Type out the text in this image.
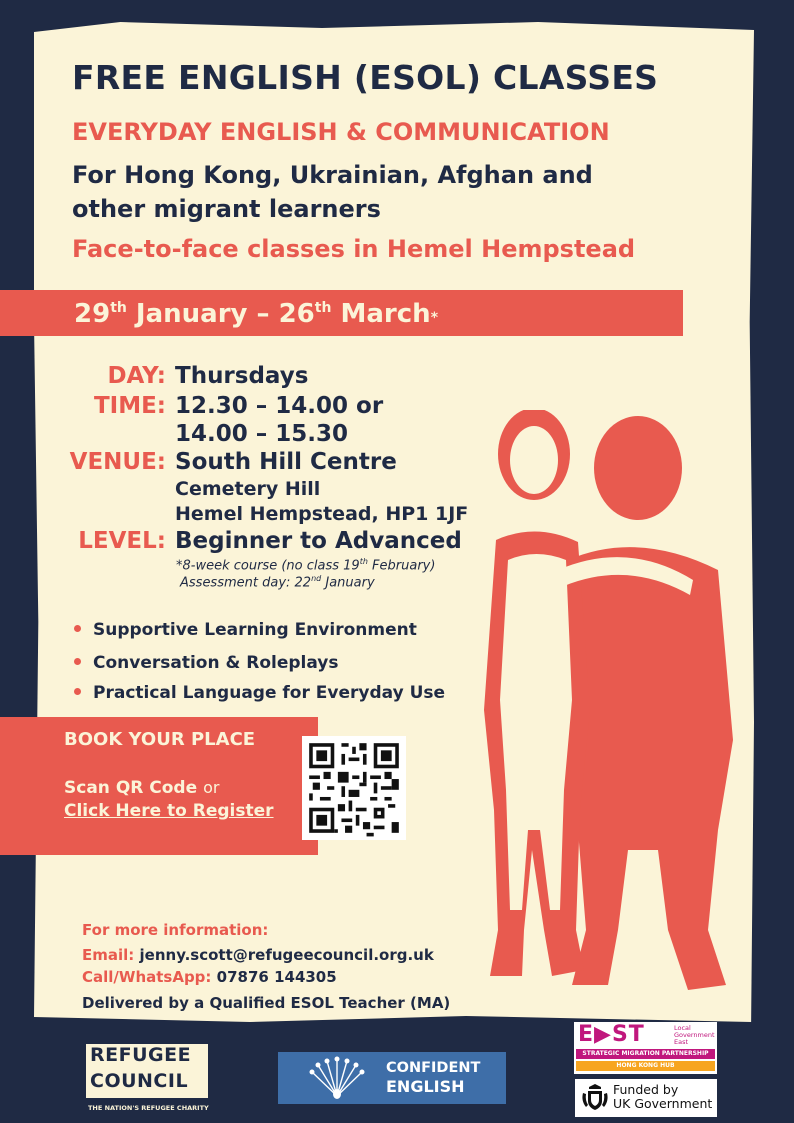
FREE ENGLISH (ESOL) CLASSES
EVERYDAY ENGLISH & COMMUNICATION
For Hong Kong, Ukrainian, Afghan and
other migrant learners
Face-to-face classes in Hemel Hempstead
29th January – 26th March*
DAY: Thursdays
TIME: 12.30 – 14.00 or
14.00 – 15.30
VENUE: South Hill Centre
Cemetery Hill
Hemel Hempstead, HP1 1JF
LEVEL: Beginner to Advanced
*8-week course (no class 19th February)
Assessment day: 22nd January
Supportive Learning Environment
Conversation & Roleplays
Practical Language for Everyday Use
BOOK YOUR PLACE
Scan QR Code or
Click Here to Register
For more information:
Email: jenny.scott@refugeecouncil.org.uk
Call/WhatsApp: 07876 144305
Delivered by a Qualified ESOL Teacher (MA)
REFUGEE
COUNCIL
THE NATION'S REFUGEE CHARITY
CONFIDENT
ENGLISH
E▶ST	Local
Government
East
STRATEGIC MIGRATION PARTNERSHIP
HONG KONG HUB
Funded by
UK Government
